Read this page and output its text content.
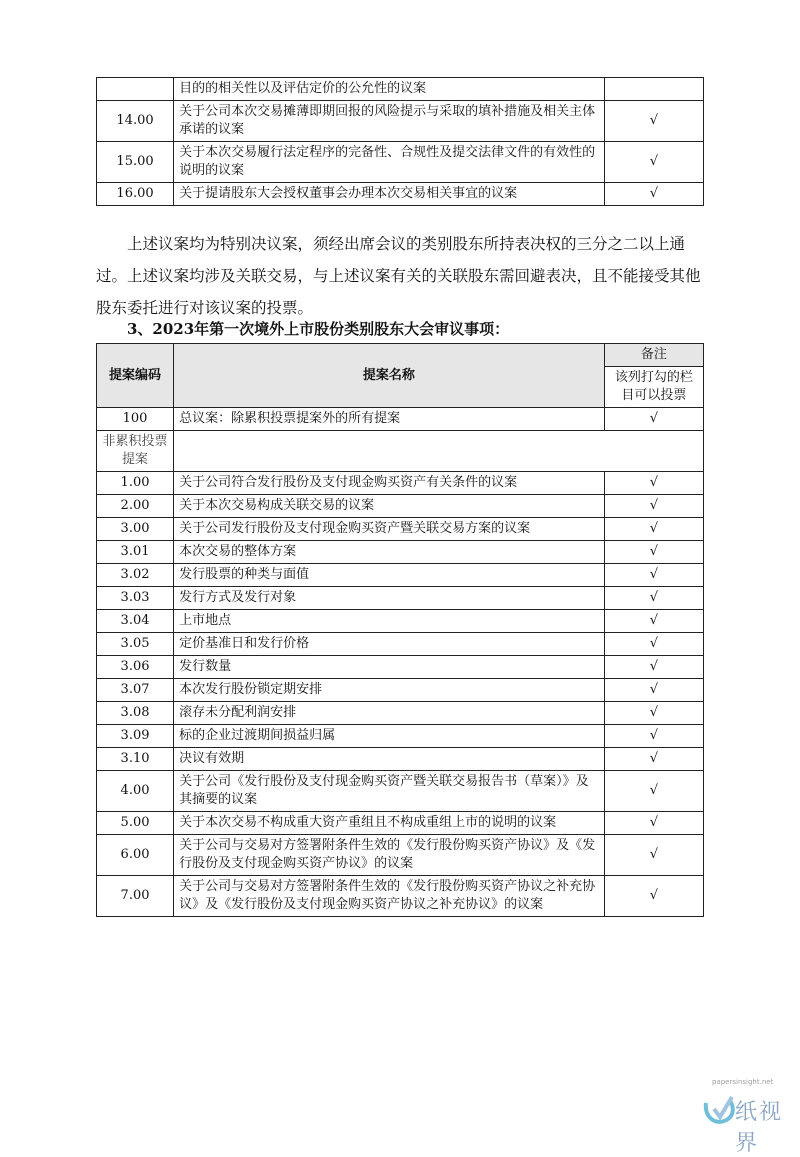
	目的的相关性以及评估定价的公允性的议案	
14.00	关于公司本次交易摊薄即期回报的风险提示与采取的填补措施及相关主体承诺的议案	√
15.00	关于本次交易履行法定程序的完备性、合规性及提交法律文件的有效性的说明的议案	√
16.00	关于提请股东大会授权董事会办理本次交易相关事宜的议案	√

上述议案均为特别决议案，须经出席会议的类别股东所持表决权的三分之二以上通过。上述议案均涉及关联交易，与上述议案有关的关联股东需回避表决，且不能接受其他股东委托进行对该议案的投票。

3、2023年第一次境外上市股份类别股东大会审议事项：

提案编码	提案名称	备注
		该列打勾的栏目可以投票
100	总议案：除累积投票提案外的所有提案	√
非累积投票提案		
1.00	关于公司符合发行股份及支付现金购买资产有关条件的议案	√
2.00	关于本次交易构成关联交易的议案	√
3.00	关于公司发行股份及支付现金购买资产暨关联交易方案的议案	√
3.01	本次交易的整体方案	√
3.02	发行股票的种类与面值	√
3.03	发行方式及发行对象	√
3.04	上市地点	√
3.05	定价基准日和发行价格	√
3.06	发行数量	√
3.07	本次发行股份锁定期安排	√
3.08	滚存未分配利润安排	√
3.09	标的企业过渡期间损益归属	√
3.10	决议有效期	√
4.00	关于公司《发行股份及支付现金购买资产暨关联交易报告书（草案）》及其摘要的议案	√
5.00	关于本次交易不构成重大资产重组且不构成重组上市的说明的议案	√
6.00	关于公司与交易对方签署附条件生效的《发行股份购买资产协议》及《发行股份及支付现金购买资产协议》的议案	√
7.00	关于公司与交易对方签署附条件生效的《发行股份购买资产协议之补充协议》及《发行股份及支付现金购买资产协议之补充协议》的议案	√
papersinsight.net
纸视界
